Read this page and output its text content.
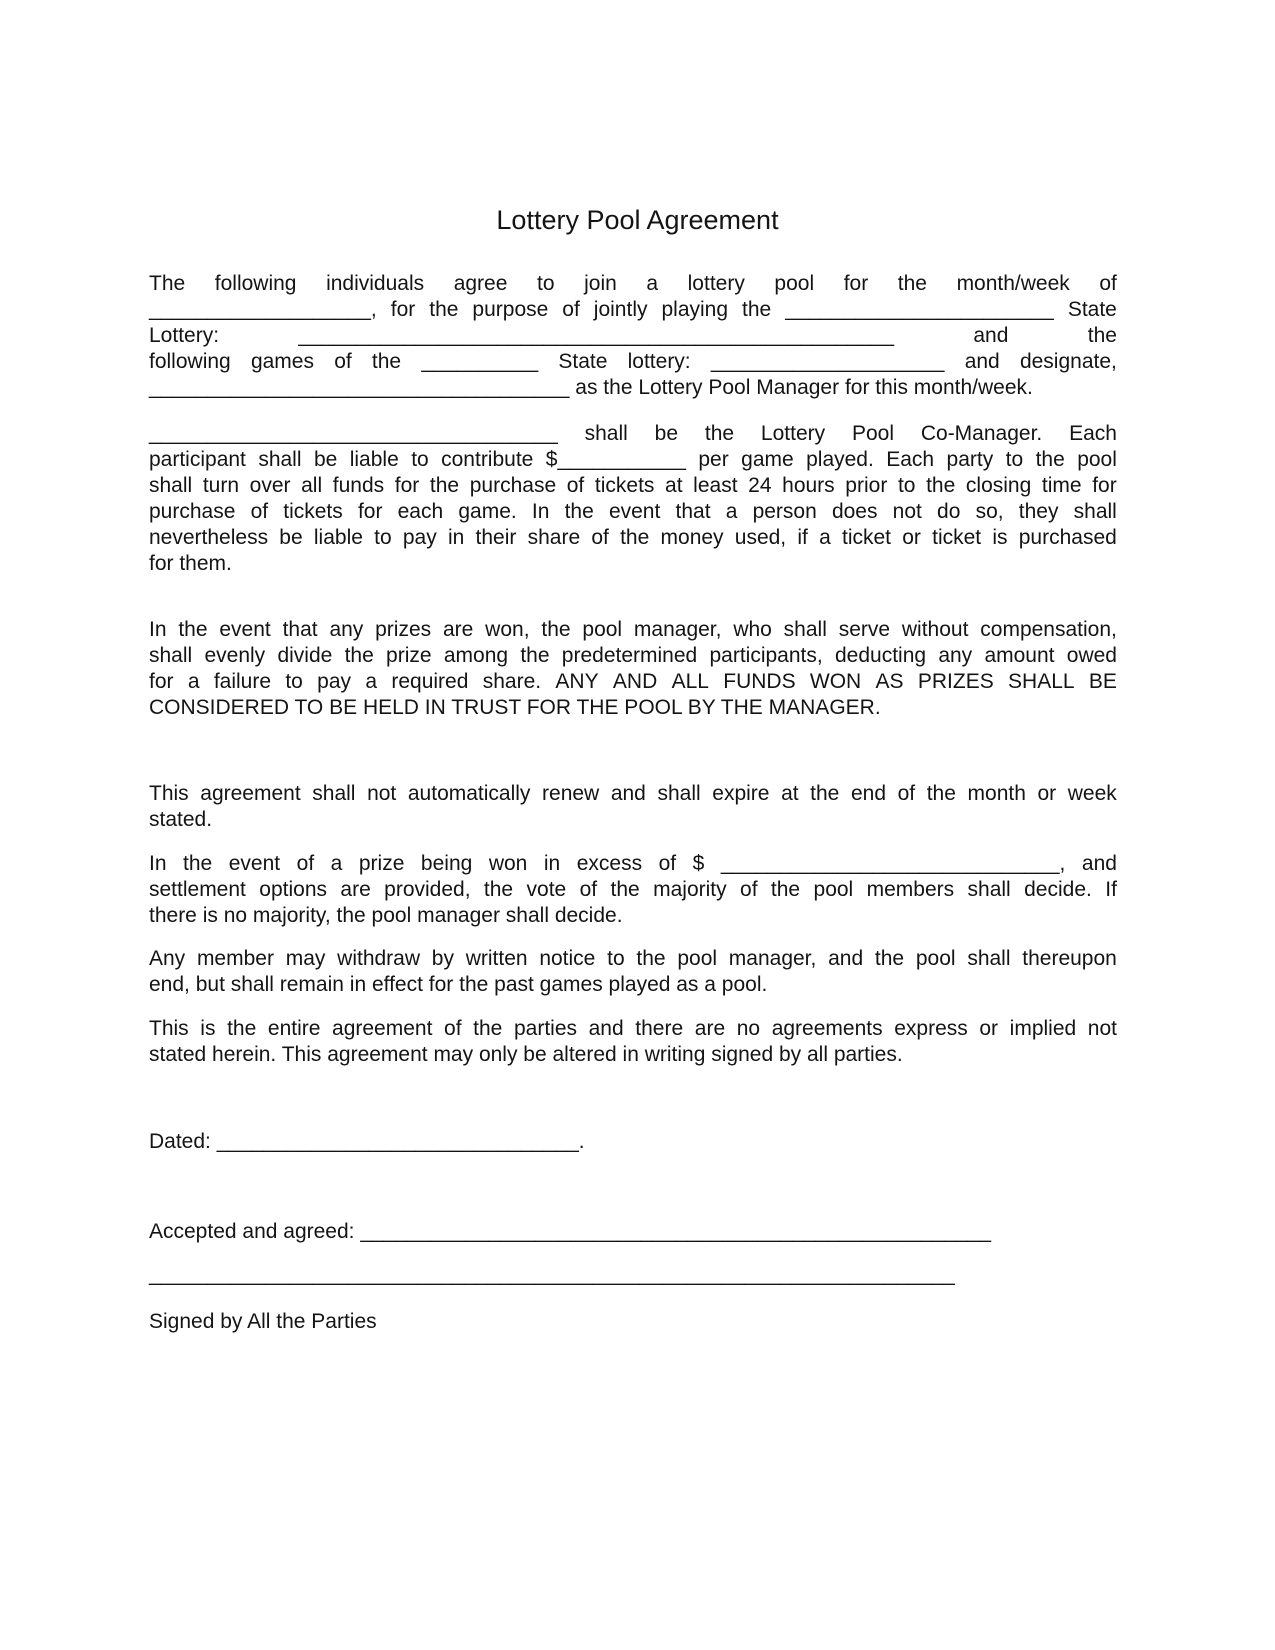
Lottery Pool Agreement
The following individuals agree to join a lottery pool for the month/week of
___________________, for the purpose of jointly playing the _______________________ State
Lottery:	___________________________________________________	and	the
following games of the __________ State lottery: ____________________ and designate,
____________________________________ as the Lottery Pool Manager for this month/week.
___________________________________ shall be the Lottery Pool Co-Manager. Each
participant shall be liable to contribute $___________ per game played. Each party to the pool
shall turn over all funds for the purchase of tickets at least 24 hours prior to the closing time for
purchase of tickets for each game. In the event that a person does not do so, they shall
nevertheless be liable to pay in their share of the money used, if a ticket or ticket is purchased
for them.
In the event that any prizes are won, the pool manager, who shall serve without compensation,
shall evenly divide the prize among the predetermined participants, deducting any amount owed
for a failure to pay a required share. ANY AND ALL FUNDS WON AS PRIZES SHALL BE
CONSIDERED TO BE HELD IN TRUST FOR THE POOL BY THE MANAGER.
This agreement shall not automatically renew and shall expire at the end of the month or week
stated.
In the event of a prize being won in excess of $ _____________________________, and
settlement options are provided, the vote of the majority of the pool members shall decide. If
there is no majority, the pool manager shall decide.
Any member may withdraw by written notice to the pool manager, and the pool shall thereupon
end, but shall remain in effect for the past games played as a pool.
This is the entire agreement of the parties and there are no agreements express or implied not
stated herein. This agreement may only be altered in writing signed by all parties.
Dated: _______________________________.
Accepted and agreed: ______________________________________________________
_____________________________________________________________________
Signed by All the Parties
